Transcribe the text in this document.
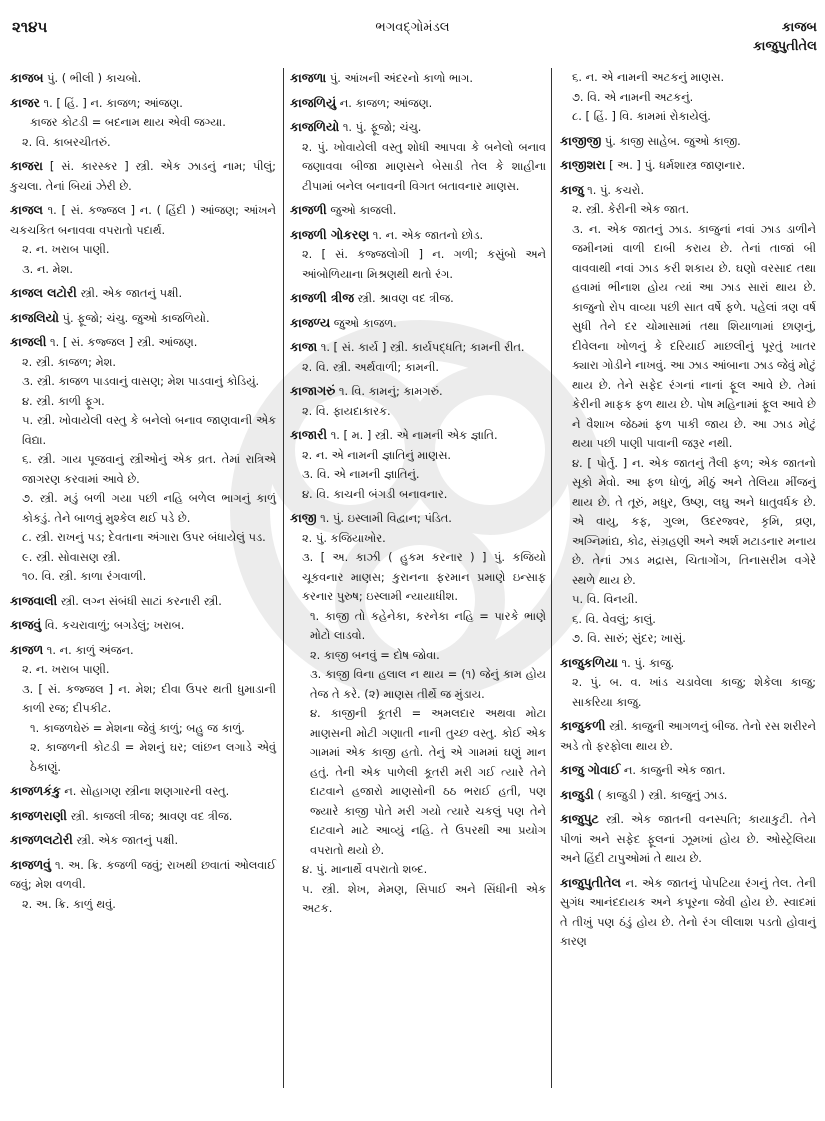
૨૧૪૫	ભગવદ્ગોમંડલ	કાજબ
કાજુપુતીતેલ
કાજબ પું. ( ભીલી ) કાચબો.
કાજર ૧. [ હિં. ] ન. કાજળ; આંજણ.
કાજર કોટડી = બદનામ થાય એવી જગ્યા.
૨. વિ. કાબરચીતરું.
કાજરા [ સં. કારસ્કર ] સ્ત્રી. એક ઝાડનું નામ; પીલું; કુચલા. તેનાં બિયાં ઝેરી છે.
કાજલ ૧. [ સં. કજ્જલ ] ન. ( હિંદી ) આંજણ; આંખને ચકચકિત બનાવવા વપરાતો પદાર્થ.
૨. ન. ખરાબ પાણી.
૩. ન. મેશ.
કાજલ લટોરી સ્ત્રી. એક જાતનું પક્ષી.
કાજલિયો પું. ફૂજો; ચંચુ. જુઓ કાજળિયો.
કાજલી ૧. [ સં. કજ્જલ ] સ્ત્રી. આંજણ.
૨. સ્ત્રી. કાજળ; મેશ.
૩. સ્ત્રી. કાજળ પાડવાનું વાસણ; મેશ પાડવાનું કોડિયું.
૪. સ્ત્રી. કાળી ફૂગ.
૫. સ્ત્રી. ખોવાયેલી વસ્તુ કે બનેલો બનાવ જાણવાની એક વિદ્યા.
૬. સ્ત્રી. ગાય પૂજવાનું સ્ત્રીઓનું એક વ્રત. તેમાં રાત્રિએ જાગરણ કરવામાં આવે છે.
૭. સ્ત્રી. મડું બળી ગયા પછી નહિ બળેલ ભાગનું કાળું કોકડું. તેને બાળવું મુશ્કેલ થઈ પડે છે.
૮. સ્ત્રી. રાખનું પડ; દેવતાના અંગારા ઉપર બંધાયેલું પડ.
૯. સ્ત્રી. સોવાસણ સ્ત્રી.
૧૦. વિ. સ્ત્રી. કાળા રંગવાળી.
કાજવાલી સ્ત્રી. લગ્ન સંબંધી સાટાં કરનારી સ્ત્રી.
કાજવું વિ. કચરાવાળું; બગડેલું; ખરાબ.
કાજળ ૧. ન. કાળું અંજન.
૨. ન. ખરાબ પાણી.
૩. [ સં. કજ્જલ ] ન. મેશ; દીવા ઉપર થતી ધુમાડાની કાળી રજ; દીપકીટ.
૧. કાજળઘેરું = મેશના જેવું કાળું; બહુ જ કાળું.
૨. કાજળની કોટડી = મેશનું ઘર; લાંછન લગાડે એવું ઠેકાણું.
કાજળકંકુ ન. સોહાગણ સ્ત્રીના શણગારની વસ્તુ.
કાજળરાણી સ્ત્રી. કાજલી ત્રીજ; શ્રાવણ વદ ત્રીજ.
કાજળલટોરી સ્ત્રી. એક જાતનું પક્ષી.
કાજળવું ૧. અ. ક્રિ. કજળી જવું; રાખથી છવાતાં ઓલવાઈ જવું; મેશ વળવી.
૨. અ. ક્રિ. કાળું થવું.
કાજળા પું. આંખની અંદરનો કાળો ભાગ.
કાજળિયું ન. કાજળ; આંજણ.
કાજળિયો ૧. પું. ફૂજો; ચંચુ.
૨. પું. ખોવાયેલી વસ્તુ શોધી આપવા કે બનેલો બનાવ જણાવવા બીજા માણસને બેસાડી તેલ કે શાહીના ટીપામાં બનેલ બનાવની વિગત બતાવનાર માણસ.
કાજળી જુઓ કાજલી.
કાજળી ગોકરણ ૧. ન. એક જાતનો છોડ.
૨. [ સં. કજ્જલોગી ] ન. ગળી; કસુંબો અને આંબોળિયાના મિશ્રણથી થતો રંગ.
કાજળી ત્રીજ સ્ત્રી. શ્રાવણ વદ ત્રીજ.
કાજળ્ય જુઓ કાજળ.
કાજા ૧. [ સં. કાર્ય ] સ્ત્રી. કાર્યપદ્ધતિ; કામની રીત.
૨. વિ. સ્ત્રી. અર્થવાળી; કામની.
કાજાગરું ૧. વિ. કામનું; કામગરું.
૨. વિ. ફાયદાકારક.
કાજારી ૧. [ મ. ] સ્ત્રી. એ નામની એક જ્ઞાતિ.
૨. ન. એ નામની જ્ઞાતિનું માણસ.
૩. વિ. એ નામની જ્ઞાતિનું.
૪. વિ. કાચની બંગડી બનાવનાર.
કાજી ૧. પું. ઇસ્લામી વિદ્વાન; પંડિત.
૨. પું. કજિયાખોર.
૩. [ અ. કાઝી ( હુકમ કરનાર ) ] પું. કજિયો ચૂકવનાર માણસ; કુરાનના ફરમાન પ્રમાણે ઇન્સાફ કરનાર પુરુષ; ઇસ્લામી ન્યાયાધીશ.
૧. કાજી તો કહેનેકા, કરનેકા નહિ = પારકે ભાણે મોટો લાડવો.
૨. કાજી બનવું = દોષ જોવા.
૩. કાજી વિના હલાલ ન થાય = (૧) જેનું કામ હોય તેજ તે કરે. (૨) માણસ તીર્થે જ મુંડાય.
૪. કાજીની કૂતરી = અમલદાર અથવા મોટા માણસની મોટી ગણાતી નાની તુચ્છ વસ્તુ. કોઈ એક ગામમાં એક કાજી હતો. તેનું એ ગામમાં ઘણું માન હતું. તેની એક પાળેલી કૂતરી મરી ગઈ ત્યારે તેને દાટવાને હજારો માણસોની ઠઠ ભરાઈ હતી, પણ જ્યારે કાજી પોતે મરી ગયો ત્યારે ચકલું પણ તેને દાટવાને માટે આવ્યું નહિ. તે ઉપરથી આ પ્રયોગ વપરાતો થયો છે.
૪. પું. માનાર્થે વપરાતો શબ્દ.
૫. સ્ત્રી. શેખ, મેમણ, સિપાઈ અને સિંધીની એક અટક.
૬. ન. એ નામની અટકનું માણસ.
૭. વિ. એ નામની અટકનું.
૮. [ હિં. ] વિ. કામમાં રોકાયેલું.
કાજીજી પું. કાજી સાહેબ. જુઓ કાજી.
કાજીશરા [ અ. ] પું. ધર્મશાસ્ત્ર જાણનાર.
કાજુ ૧. પું. કચરો.
૨. સ્ત્રી. કેરીની એક જાત.
૩. ન. એક જાતનું ઝાડ. કાજુનાં નવાં ઝાડ ડાળીને જમીનમાં વાળી દાબી કરાય છે. તેનાં તાજાં બી વાવવાથી નવાં ઝાડ કરી શકાય છે. ઘણો વરસાદ તથા હવામાં ભીનાશ હોય ત્યાં આ ઝાડ સારાં થાય છે. કાજુનો રોપ વાવ્યા પછી સાત વર્ષે ફળે. પહેલાં ત્રણ વર્ષ સુધી તેને દર ચોમાસામાં તથા શિયાળામાં છાણનું, દીવેલના ખોળનું કે દરિયાઈ માછલીનું પૂરતું ખાતર ક્યારા ગોડીને નાખવું. આ ઝાડ આંબાના ઝાડ જેવું મોટું થાય છે. તેને સફેદ રંગનાં નાનાં ફૂલ આવે છે. તેમાં કેરીની માફક ફળ થાય છે. પોષ મહિનામાં ફૂલ આવે છે ને વૈશાખ જેઠમાં ફળ પાકી જાય છે. આ ઝાડ મોટું થયા પછી પાણી પાવાની જરૂર નથી.
૪. [ પોર્તુ. ] ન. એક જાતનું તૈલી ફળ; એક જાતનો સૂકો મેવો. આ ફળ ધોળું, મીઠું અને તેલિયા મીંજનું થાય છે. તે તૂરું, મધુર, ઉષ્ણ, લઘુ અને ધાતુવર્ધક છે. એ વાયુ, કફ, ગુલ્મ, ઉદરજ્વર, કૃમિ, વ્રણ, અગ્નિમાંદ્ય, કોઢ, સંગ્રહણી અને અર્શ મટાડનાર મનાય છે. તેનાં ઝાડ મદ્રાસ, ચિતાગોંગ, તિનાસરીમ વગેરે સ્થળે થાય છે.
૫. વિ. વિનયી.
૬. વિ. વેવલું; કાલું.
૭. વિ. સારું; સુંદર; ખાસું.
કાજુકળિયા ૧. પું. કાજુ.
૨. પું. બ. વ. ખાંડ ચડાવેલા કાજુ; શેકેલા કાજુ; સાકરિયા કાજુ.
કાજુકળી સ્ત્રી. કાજુની આગળનું બીજ. તેનો રસ શરીરને અડે તો ફરફોલા થાય છે.
કાજુ ગોવાઈ ન. કાજુની એક જાત.
કાજુડી ( કાજુડી ) સ્ત્રી. કાજુનું ઝાડ.
કાજુપુટ સ્ત્રી. એક જાતની વનસ્પતિ; કાયાકુટી. તેને પીળાં અને સફેદ ફૂલનાં ઝૂમખાં હોય છે. ઓસ્ટ્રેલિયા અને હિંદી ટાપુઓમાં તે થાય છે.
કાજુપુતીતેલ ન. એક જાતનું પોપટિયા રંગનું તેલ. તેની સુગંધ આનંદદાયક અને કપૂરના જેવી હોય છે. સ્વાદમાં તે તીખું પણ ઠંડું હોય છે. તેનો રંગ લીલાશ પડતો હોવાનું કારણ
